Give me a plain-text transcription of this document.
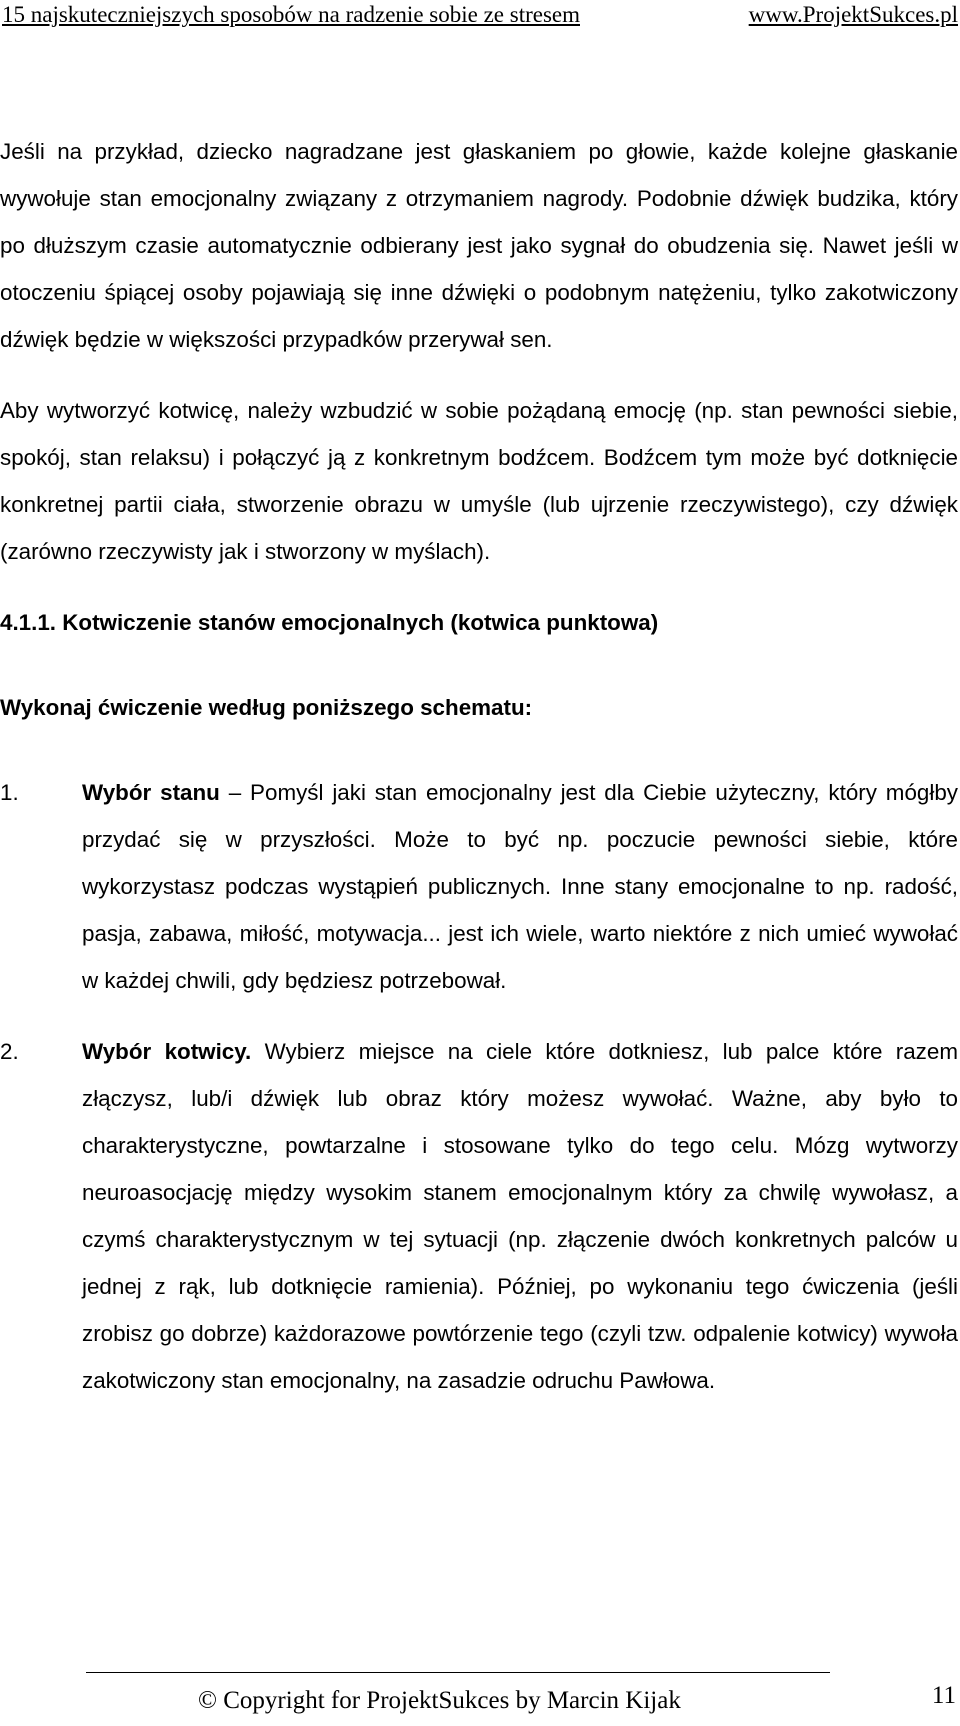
15 najskuteczniejszych sposobów na radzenie sobie ze stresem	www.ProjektSukces.pl

Jeśli na przykład, dziecko nagradzane jest głaskaniem po głowie, każde kolejne głaskanie wywołuje stan emocjonalny związany z otrzymaniem nagrody. Podobnie dźwięk budzika, który po dłuższym czasie automatycznie odbierany jest jako sygnał do obudzenia się. Nawet jeśli w otoczeniu śpiącej osoby pojawiają się inne dźwięki o podobnym natężeniu, tylko zakotwiczony dźwięk będzie w większości przypadków przerywał sen.

Aby wytworzyć kotwicę, należy wzbudzić w sobie pożądaną emocję (np. stan pewności siebie, spokój, stan relaksu) i połączyć ją z konkretnym bodźcem. Bodźcem tym może być dotknięcie konkretnej partii ciała, stworzenie obrazu w umyśle (lub ujrzenie rzeczywistego), czy dźwięk (zarówno rzeczywisty jak i stworzony w myślach).

4.1.1. Kotwiczenie stanów emocjonalnych (kotwica punktowa)

Wykonaj ćwiczenie według poniższego schematu:

1.	Wybór stanu – Pomyśl jaki stan emocjonalny jest dla Ciebie użyteczny, który mógłby przydać się w przyszłości. Może to być np. poczucie pewności siebie, które wykorzystasz podczas wystąpień publicznych. Inne stany emocjonalne to np. radość, pasja, zabawa, miłość, motywacja... jest ich wiele, warto niektóre z nich umieć wywołać w każdej chwili, gdy będziesz potrzebował.
2.	Wybór kotwicy. Wybierz miejsce na ciele które dotkniesz, lub palce które razem złączysz, lub/i dźwięk lub obraz który możesz wywołać. Ważne, aby było to charakterystyczne, powtarzalne i stosowane tylko do tego celu. Mózg wytworzy neuroasocjację między wysokim stanem emocjonalnym który za chwilę wywołasz, a czymś charakterystycznym w tej sytuacji (np. złączenie dwóch konkretnych palców u jednej z rąk, lub dotknięcie ramienia). Później, po wykonaniu tego ćwiczenia (jeśli zrobisz go dobrze) każdorazowe powtórzenie tego (czyli tzw. odpalenie kotwicy) wywoła zakotwiczony stan emocjonalny, na zasadzie odruchu Pawłowa.
© Copyright for ProjektSukces by Marcin Kijak	11
